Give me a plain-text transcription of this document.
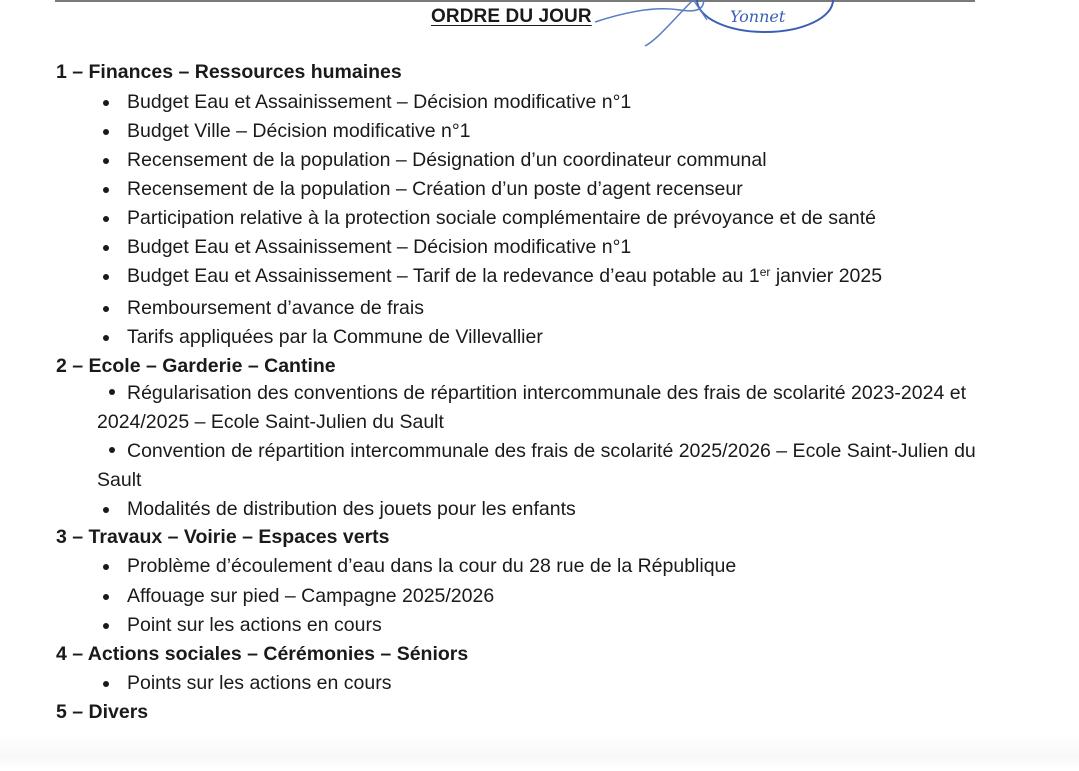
ORDRE DU JOUR	Yonnet
1 – Finances – Ressources humaines
Budget Eau et Assainissement – Décision modificative n°1
Budget Ville – Décision modificative n°1
Recensement de la population – Désignation d’un coordinateur communal
Recensement de la population – Création d’un poste d’agent recenseur
Participation relative à la protection sociale complémentaire de prévoyance et de santé
Budget Eau et Assainissement – Décision modificative n°1
Budget Eau et Assainissement – Tarif de la redevance d’eau potable au 1er janvier 2025
Remboursement d’avance de frais
Tarifs appliquées par la Commune de Villevallier
2 – Ecole – Garderie – Cantine
Régularisation des conventions de répartition intercommunale des frais de scolarité 2023-2024 et 2024/2025 – Ecole Saint-Julien du Sault
Convention de répartition intercommunale des frais de scolarité 2025/2026 – Ecole Saint-Julien du Sault
Modalités de distribution des jouets pour les enfants
3 – Travaux – Voirie – Espaces verts
Problème d’écoulement d’eau dans la cour du 28 rue de la République
Affouage sur pied – Campagne 2025/2026
Point sur les actions en cours
4 – Actions sociales – Cérémonies – Séniors
Points sur les actions en cours
5 – Divers
